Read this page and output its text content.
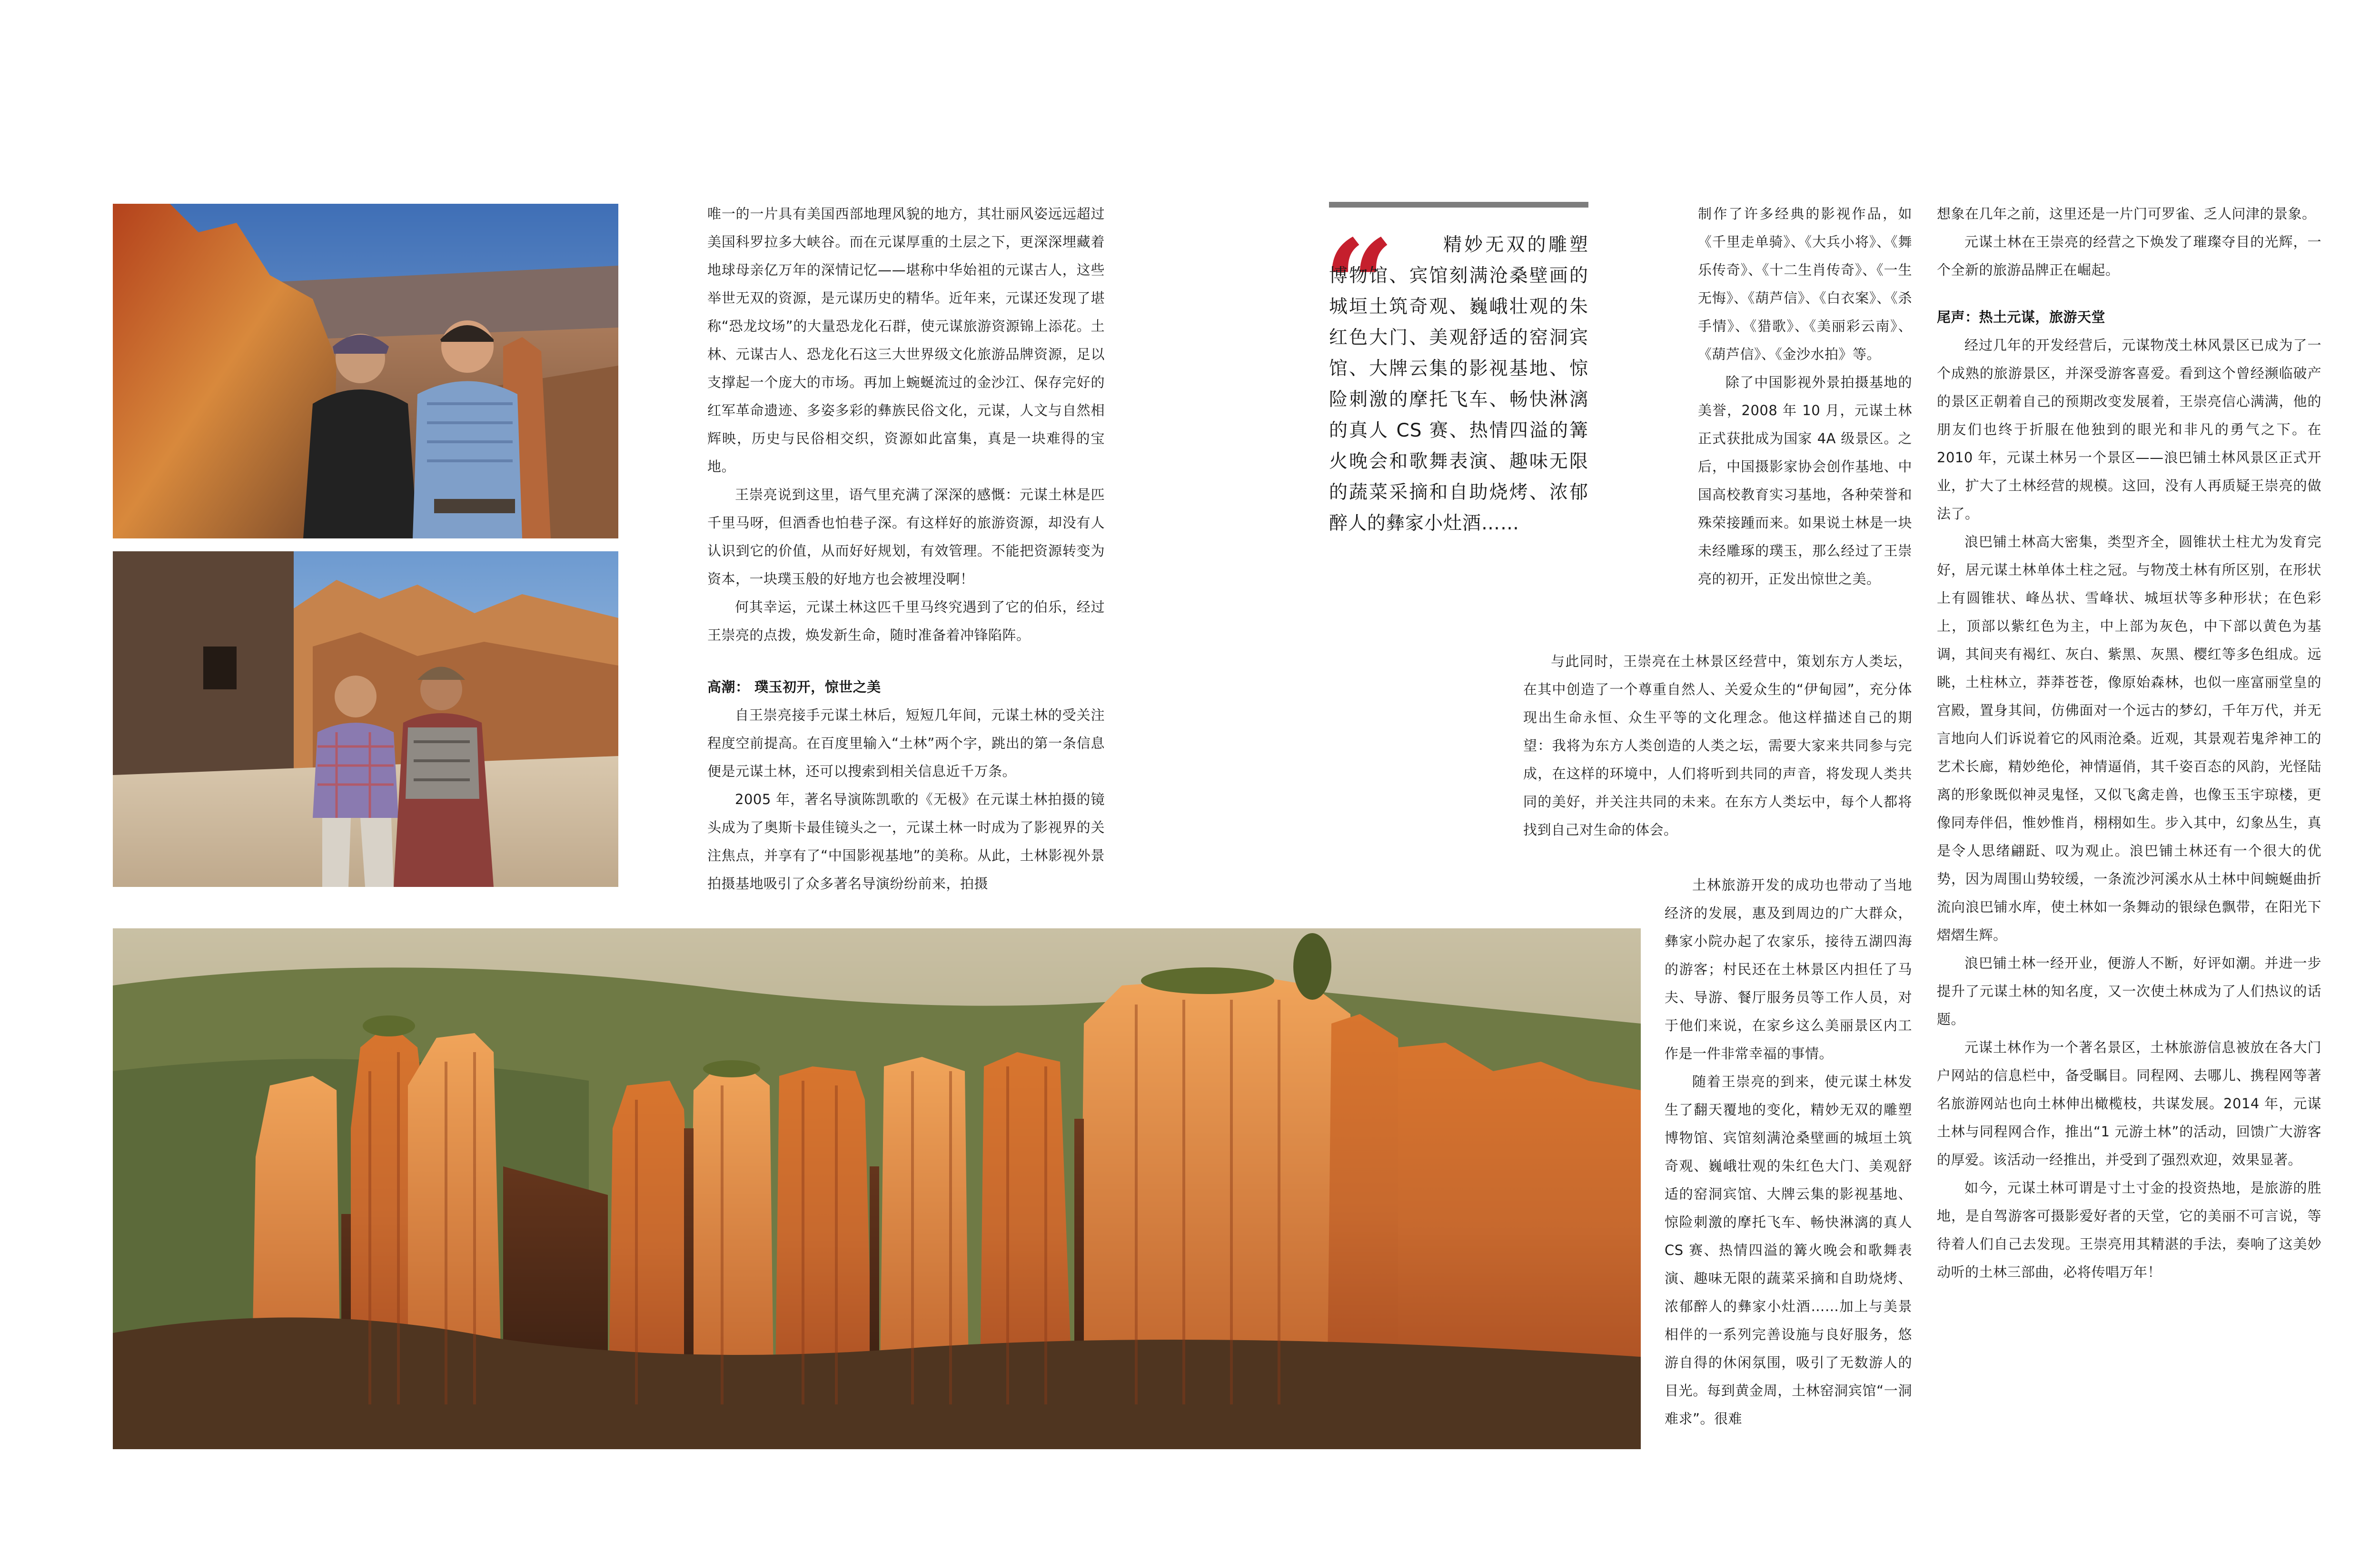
唯一的一片具有美国西部地理风貌的地方，其壮丽风姿远远超过美国科罗拉多大峡谷。而在元谋厚重的土层之下，更深深埋藏着地球母亲亿万年的深情记忆——堪称中华始祖的元谋古人，这些举世无双的资源，是元谋历史的精华。近年来，元谋还发现了堪称“恐龙坟场”的大量恐龙化石群，使元谋旅游资源锦上添花。土林、元谋古人、恐龙化石这三大世界级文化旅游品牌资源，足以支撑起一个庞大的市场。再加上蜿蜒流过的金沙江、保存完好的红军革命遗迹、多姿多彩的彝族民俗文化，元谋，人文与自然相辉映，历史与民俗相交织，资源如此富集，真是一块难得的宝地。

王崇亮说到这里，语气里充满了深深的感慨：元谋土林是匹千里马呀，但酒香也怕巷子深。有这样好的旅游资源，却没有人认识到它的价值，从而好好规划，有效管理。不能把资源转变为资本，一块璞玉般的好地方也会被埋没啊！

何其幸运，元谋土林这匹千里马终究遇到了它的伯乐，经过王崇亮的点拨，焕发新生命，随时准备着冲锋陷阵。

高潮： 璞玉初开，惊世之美

自王崇亮接手元谋土林后，短短几年间，元谋土林的受关注程度空前提高。在百度里输入“土林”两个字，跳出的第一条信息便是元谋土林，还可以搜索到相关信息近千万条。

2005 年，著名导演陈凯歌的《无极》在元谋土林拍摄的镜头成为了奥斯卡最佳镜头之一，元谋土林一时成为了影视界的关注焦点，并享有了“中国影视基地”的美称。从此，土林影视外景拍摄基地吸引了众多著名导演纷纷前来，拍摄

“	精妙无双的雕塑博物馆、宾馆刻满沧桑壁画的城垣土筑奇观、巍峨壮观的朱红色大门、美观舒适的窑洞宾馆、大牌云集的影视基地、惊险刺激的摩托飞车、畅快淋漓的真人 CS 赛、热情四溢的篝火晚会和歌舞表演、趣味无限的蔬菜采摘和自助烧烤、浓郁醉人的彝家小灶酒……

制作了许多经典的影视作品，如《千里走单骑》、《大兵小将》、《舞乐传奇》、《十二生肖传奇》、《一生无悔》、《葫芦信》、《白衣案》、《杀手情》、《猎歌》、《美丽彩云南》、《葫芦信》、《金沙水拍》等。

除了中国影视外景拍摄基地的美誉，2008 年 10 月，元谋土林正式获批成为国家 4A 级景区。之后，中国摄影家协会创作基地、中国高校教育实习基地，各种荣誉和殊荣接踵而来。如果说土林是一块未经雕琢的璞玉，那么经过了王崇亮的初开，正发出惊世之美。

与此同时，王崇亮在土林景区经营中，策划东方人类坛，在其中创造了一个尊重自然人、关爱众生的“伊甸园”，充分体现出生命永恒、众生平等的文化理念。他这样描述自己的期望：我将为东方人类创造的人类之坛，需要大家来共同参与完成，在这样的环境中，人们将听到共同的声音，将发现人类共同的美好，并关注共同的未来。在东方人类坛中，每个人都将找到自己对生命的体会。

土林旅游开发的成功也带动了当地经济的发展，惠及到周边的广大群众，彝家小院办起了农家乐，接待五湖四海的游客；村民还在土林景区内担任了马夫、导游、餐厅服务员等工作人员，对于他们来说，在家乡这么美丽景区内工作是一件非常幸福的事情。

随着王崇亮的到来，使元谋土林发生了翻天覆地的变化，精妙无双的雕塑博物馆、宾馆刻满沧桑壁画的城垣土筑奇观、巍峨壮观的朱红色大门、美观舒适的窑洞宾馆、大牌云集的影视基地、惊险刺激的摩托飞车、畅快淋漓的真人 CS 赛、热情四溢的篝火晚会和歌舞表演、趣味无限的蔬菜采摘和自助烧烤、浓郁醉人的彝家小灶酒……加上与美景相伴的一系列完善设施与良好服务，悠游自得的休闲氛围，吸引了无数游人的目光。每到黄金周，土林窑洞宾馆“一洞难求”。很难

想象在几年之前，这里还是一片门可罗雀、乏人问津的景象。

元谋土林在王崇亮的经营之下焕发了璀璨夺目的光辉，一个全新的旅游品牌正在崛起。

尾声：热土元谋，旅游天堂

经过几年的开发经营后，元谋物茂土林风景区已成为了一个成熟的旅游景区，并深受游客喜爱。看到这个曾经濒临破产的景区正朝着自己的预期改变发展着，王崇亮信心满满，他的朋友们也终于折服在他独到的眼光和非凡的勇气之下。在 2010 年，元谋土林另一个景区——浪巴铺土林风景区正式开业，扩大了土林经营的规模。这回，没有人再质疑王崇亮的做法了。

浪巴铺土林高大密集，类型齐全，圆锥状土柱尤为发育完好，居元谋土林单体土柱之冠。与物茂土林有所区别，在形状上有圆锥状、峰丛状、雪峰状、城垣状等多种形状；在色彩上，顶部以紫红色为主，中上部为灰色，中下部以黄色为基调，其间夹有褐红、灰白、紫黑、灰黑、樱红等多色组成。远眺，土柱林立，莽莽苍苍，像原始森林，也似一座富丽堂皇的宫殿，置身其间，仿佛面对一个远古的梦幻，千年万代，并无言地向人们诉说着它的风雨沧桑。近观，其景观若鬼斧神工的艺术长廊，精妙绝伦，神情逼俏，其千姿百态的风韵，光怪陆离的形象既似神灵鬼怪，又似飞禽走兽，也像玉玉宇琼楼，更像同寿伴侣，惟妙惟肖，栩栩如生。步入其中，幻象丛生，真是令人思绪翩跹、叹为观止。浪巴铺土林还有一个很大的优势，因为周围山势较缓，一条流沙河溪水从土林中间蜿蜒曲折流向浪巴铺水库，使土林如一条舞动的银绿色飘带，在阳光下熠熠生辉。

浪巴铺土林一经开业，便游人不断，好评如潮。并进一步提升了元谋土林的知名度，又一次使土林成为了人们热议的话题。

元谋土林作为一个著名景区，土林旅游信息被放在各大门户网站的信息栏中，备受瞩目。同程网、去哪儿、携程网等著名旅游网站也向土林伸出橄榄枝，共谋发展。2014 年，元谋土林与同程网合作，推出“1 元游土林”的活动，回馈广大游客的厚爱。该活动一经推出，并受到了强烈欢迎，效果显著。

如今，元谋土林可谓是寸土寸金的投资热地，是旅游的胜地，是自驾游客可摄影爱好者的天堂，它的美丽不可言说，等待着人们自己去发现。王崇亮用其精湛的手法，奏响了这美妙动听的土林三部曲，必将传唱万年！
